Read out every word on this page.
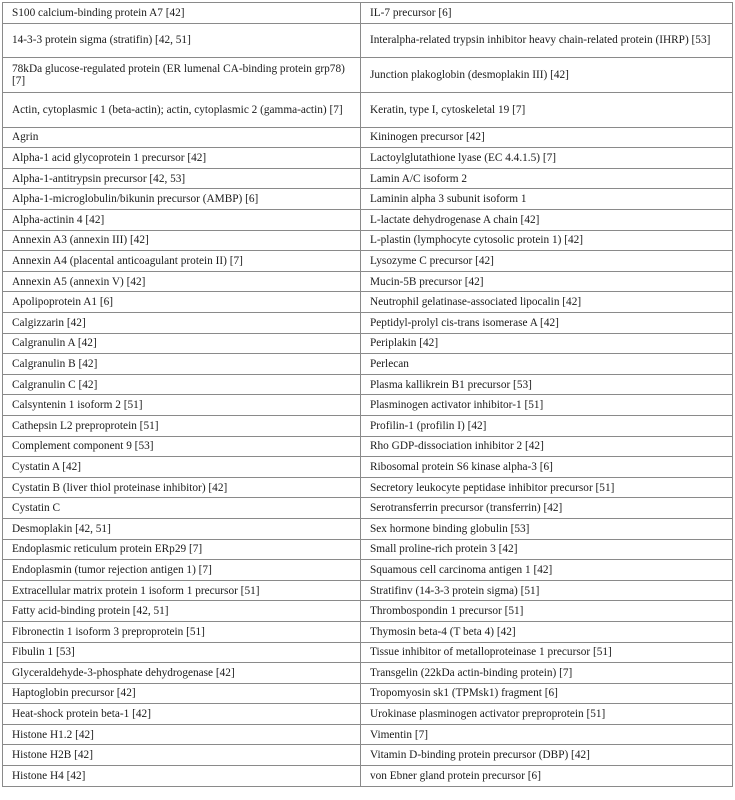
S100 calcium-binding protein A7 [42]	IL-7 precursor [6]
14-3-3 protein sigma (stratifin) [42, 51]	Interalpha-related trypsin inhibitor heavy chain-related protein (IHRP) [53]
78kDa glucose-regulated protein (ER lumenal CA-binding protein grp78) [7]	Junction plakoglobin (desmoplakin III) [42]
Actin, cytoplasmic 1 (beta-actin); actin, cytoplasmic 2 (gamma-actin) [7]	Keratin, type I, cytoskeletal 19 [7]
Agrin	Kininogen precursor [42]
Alpha-1 acid glycoprotein 1 precursor [42]	Lactoylglutathione lyase (EC 4.4.1.5) [7]
Alpha-1-antitrypsin precursor [42, 53]	Lamin A/C isoform 2
Alpha-1-microglobulin/bikunin precursor (AMBP) [6]	Laminin alpha 3 subunit isoform 1
Alpha-actinin 4 [42]	L-lactate dehydrogenase A chain [42]
Annexin A3 (annexin III) [42]	L-plastin (lymphocyte cytosolic protein 1) [42]
Annexin A4 (placental anticoagulant protein II) [7]	Lysozyme C precursor [42]
Annexin A5 (annexin V) [42]	Mucin-5B precursor [42]
Apolipoprotein A1 [6]	Neutrophil gelatinase-associated lipocalin [42]
Calgizzarin [42]	Peptidyl-prolyl cis-trans isomerase A [42]
Calgranulin A [42]	Periplakin [42]
Calgranulin B [42]	Perlecan
Calgranulin C [42]	Plasma kallikrein B1 precursor [53]
Calsyntenin 1 isoform 2 [51]	Plasminogen activator inhibitor-1 [51]
Cathepsin L2 preproprotein [51]	Profilin-1 (profilin I) [42]
Complement component 9 [53]	Rho GDP-dissociation inhibitor 2 [42]
Cystatin A [42]	Ribosomal protein S6 kinase alpha-3 [6]
Cystatin B (liver thiol proteinase inhibitor) [42]	Secretory leukocyte peptidase inhibitor precursor [51]
Cystatin C	Serotransferrin precursor (transferrin) [42]
Desmoplakin [42, 51]	Sex hormone binding globulin [53]
Endoplasmic reticulum protein ERp29 [7]	Small proline-rich protein 3 [42]
Endoplasmin (tumor rejection antigen 1) [7]	Squamous cell carcinoma antigen 1 [42]
Extracellular matrix protein 1 isoform 1 precursor [51]	Stratifinv (14-3-3 protein sigma) [51]
Fatty acid-binding protein [42, 51]	Thrombospondin 1 precursor [51]
Fibronectin 1 isoform 3 preproprotein [51]	Thymosin beta-4 (T beta 4) [42]
Fibulin 1 [53]	Tissue inhibitor of metalloproteinase 1 precursor [51]
Glyceraldehyde-3-phosphate dehydrogenase [42]	Transgelin (22kDa actin-binding protein) [7]
Haptoglobin precursor [42]	Tropomyosin sk1 (TPMsk1) fragment [6]
Heat-shock protein beta-1 [42]	Urokinase plasminogen activator preproprotein [51]
Histone H1.2 [42]	Vimentin [7]
Histone H2B [42]	Vitamin D-binding protein precursor (DBP) [42]
Histone H4 [42]	von Ebner gland protein precursor [6]
